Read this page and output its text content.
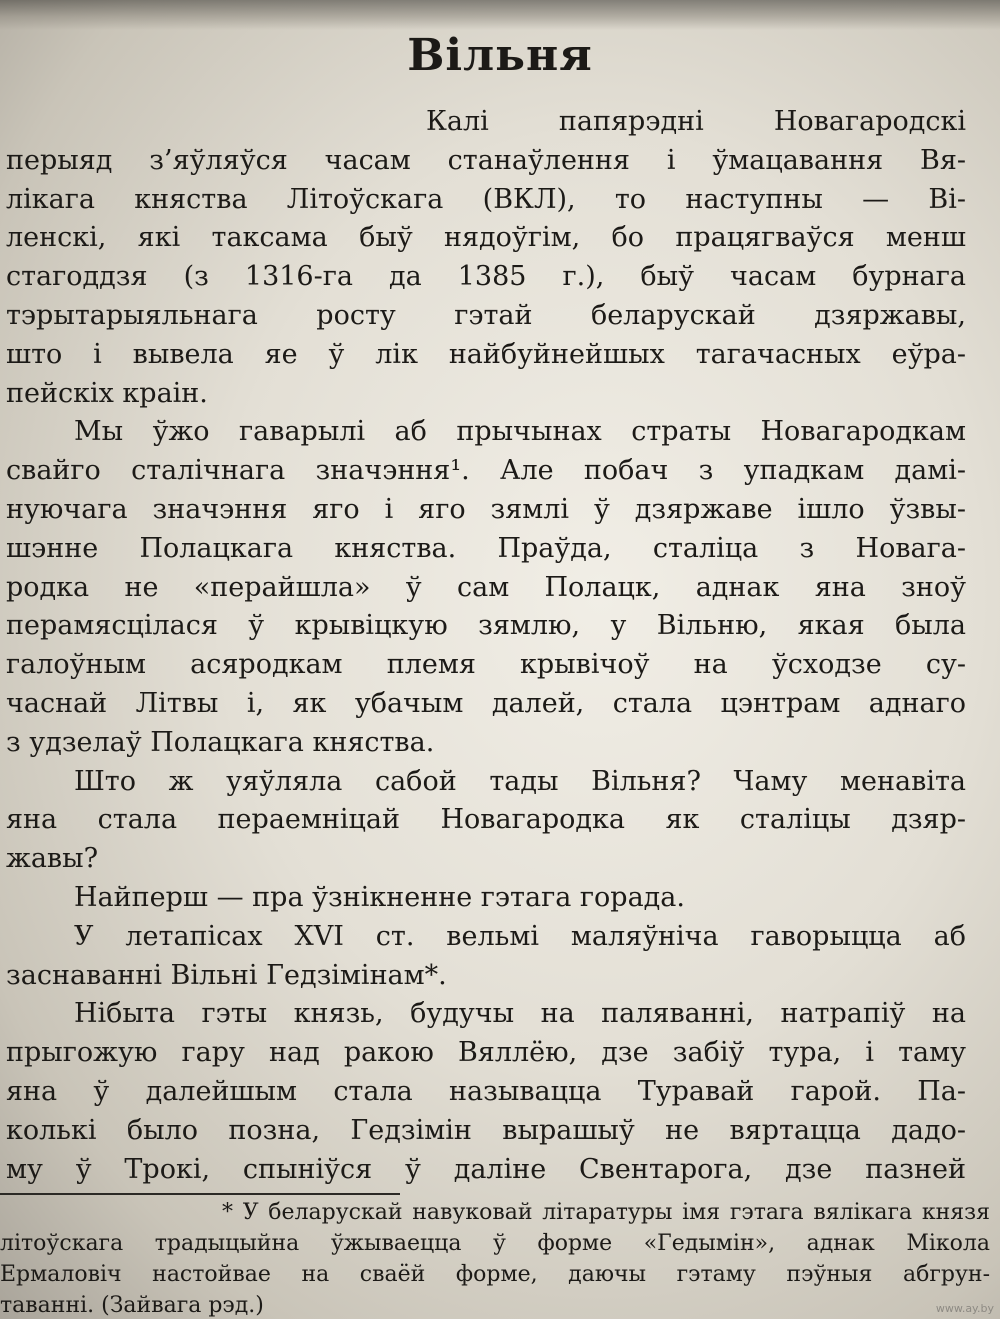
Вільня
Калі папярэдні Новагародскі
перыяд з’яўляўся часам станаўлення і ўмацавання Вя-
лікага княства Літоўскага (ВКЛ), то наступны — Ві-
ленскі, які таксама быў нядоўгім, бо працягваўся менш
стагоддзя (з 1316-га да 1385 г.), быў часам бурнага
тэрытарыяльнага росту гэтай беларускай дзяржавы,
што і вывела яе ў лік найбуйнейшых тагачасных еўра-
пейскіх краін.
Мы ўжо гаварылі аб прычынах страты Новагародкам
свайго сталічнага значэння¹. Але побач з упадкам дамі-
нуючага значэння яго і яго зямлі ў дзяржаве ішло ўзвы-
шэнне Полацкага княства. Праўда, сталіца з Новага-
родка не «перайшла» ў сам Полацк, аднак яна зноў
перамясцілася ў крывіцкую зямлю, у Вільню, якая была
галоўным асяродкам племя крывічоў на ўсходзе су-
часнай Літвы і, як убачым далей, стала цэнтрам аднаго
з удзелаў Полацкага княства.
Што ж уяўляла сабой тады Вільня? Чаму менавіта
яна стала пераемніцай Новагародка як сталіцы дзяр-
жавы?
Найперш — пра ўзнікненне гэтага горада.
У летапісах XVI ст. вельмі маляўніча гаворыцца аб
заснаванні Вільні Гедзімінам*.
Нібыта гэты князь, будучы на паляванні, натрапіў на
прыгожую гару над ракою Вяллёю, дзе забіў тура, і таму
яна ў далейшым стала называцца Туравай гарой. Па-
колькі было позна, Гедзімін вырашыў не вяртацца дадо-
му ў Трокі, спыніўся ў даліне Свентарога, дзе пазней
* У беларускай навуковай літаратуры імя гэтага вялікага князя
літоўскага традыцыйна ўжываецца ў форме «Гедымін», аднак Мікола
Ермаловіч настойвае на сваёй форме, даючы гэтаму пэўныя абгрун-
таванні. (Зайвага рэд.)	www.ay.by
